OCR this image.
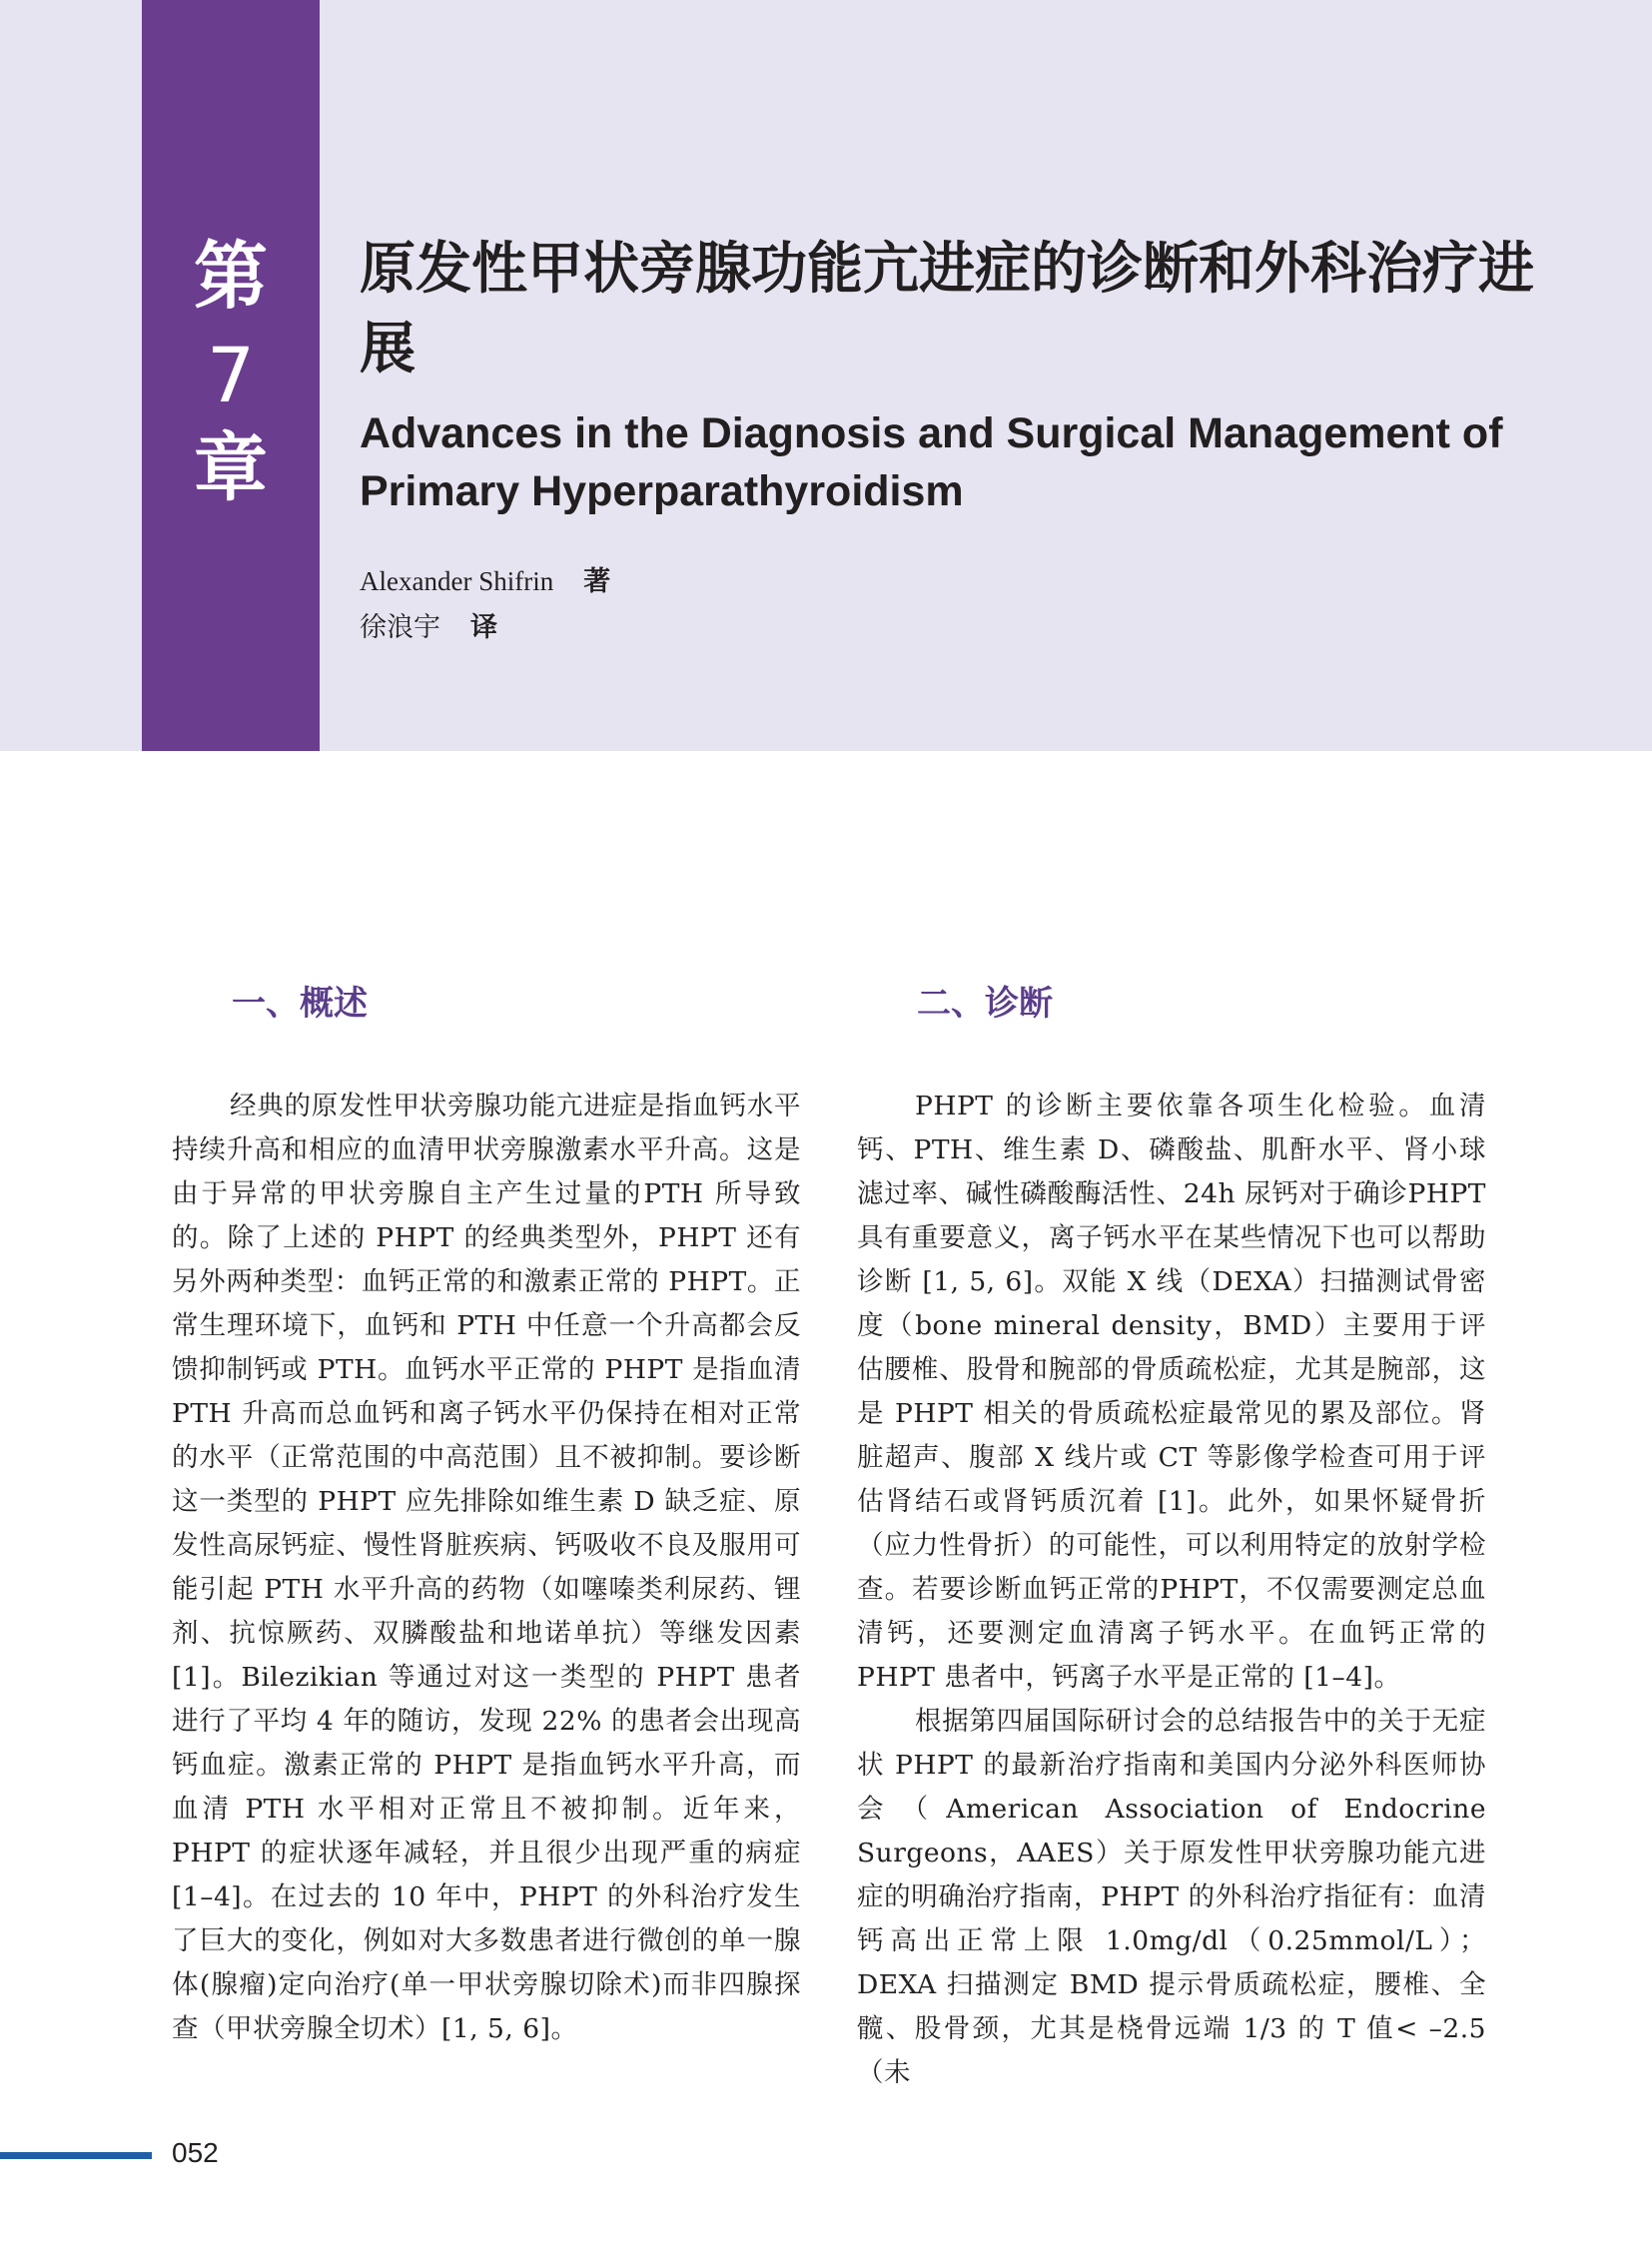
第
7
章
原发性甲状旁腺功能亢进症的诊断和外科治疗进展
Advances in the Diagnosis and Surgical Management of Primary Hyperparathyroidism
Alexander Shifrin 著
徐浪宇 译
一、概述

经典的原发性甲状旁腺功能亢进症是指血钙水平持续升高和相应的血清甲状旁腺激素水平升高。这是由于异常的甲状旁腺自主产生过量的PTH 所导致的。除了上述的 PHPT 的经典类型外，PHPT 还有另外两种类型：血钙正常的和激素正常的 PHPT。正常生理环境下，血钙和 PTH 中任意一个升高都会反馈抑制钙或 PTH。血钙水平正常的 PHPT 是指血清 PTH 升高而总血钙和离子钙水平仍保持在相对正常的水平（正常范围的中高范围）且不被抑制。要诊断这一类型的 PHPT 应先排除如维生素 D 缺乏症、原发性高尿钙症、慢性肾脏疾病、钙吸收不良及服用可能引起 PTH 水平升高的药物（如噻嗪类利尿药、锂剂、抗惊厥药、双膦酸盐和地诺单抗）等继发因素 [1]。Bilezikian 等通过对这一类型的 PHPT 患者进行了平均 4 年的随访，发现 22% 的患者会出现高钙血症。激素正常的 PHPT 是指血钙水平升高，而血清 PTH 水平相对正常且不被抑制。近年来，PHPT 的症状逐年减轻，并且很少出现严重的病症 [1–4]。在过去的 10 年中，PHPT 的外科治疗发生了巨大的变化，例如对大多数患者进行微创的单一腺体(腺瘤)定向治疗(单一甲状旁腺切除术)而非四腺探查（甲状旁腺全切术）[1, 5, 6]。

二、诊断

PHPT 的诊断主要依靠各项生化检验。血清钙、PTH、维生素 D、磷酸盐、肌酐水平、肾小球滤过率、碱性磷酸酶活性、24h 尿钙对于确诊PHPT 具有重要意义，离子钙水平在某些情况下也可以帮助诊断 [1, 5, 6]。双能 X 线（DEXA）扫描测试骨密度（bone mineral density，BMD）主要用于评估腰椎、股骨和腕部的骨质疏松症，尤其是腕部，这是 PHPT 相关的骨质疏松症最常见的累及部位。肾脏超声、腹部 X 线片或 CT 等影像学检查可用于评估肾结石或肾钙质沉着 [1]。此外，如果怀疑骨折（应力性骨折）的可能性，可以利用特定的放射学检查。若要诊断血钙正常的PHPT，不仅需要测定总血清钙，还要测定血清离子钙水平。在血钙正常的 PHPT 患者中，钙离子水平是正常的 [1–4]。

根据第四届国际研讨会的总结报告中的关于无症状 PHPT 的最新治疗指南和美国内分泌外科医师协会（American Association of Endocrine Surgeons，AAES）关于原发性甲状旁腺功能亢进症的明确治疗指南，PHPT 的外科治疗指征有：血清钙高出正常上限 1.0mg/dl（0.25mmol/L）；DEXA 扫描测定 BMD 提示骨质疏松症，腰椎、全髋、股骨颈，尤其是桡骨远端 1/3 的 T 值< –2.5（未

052
